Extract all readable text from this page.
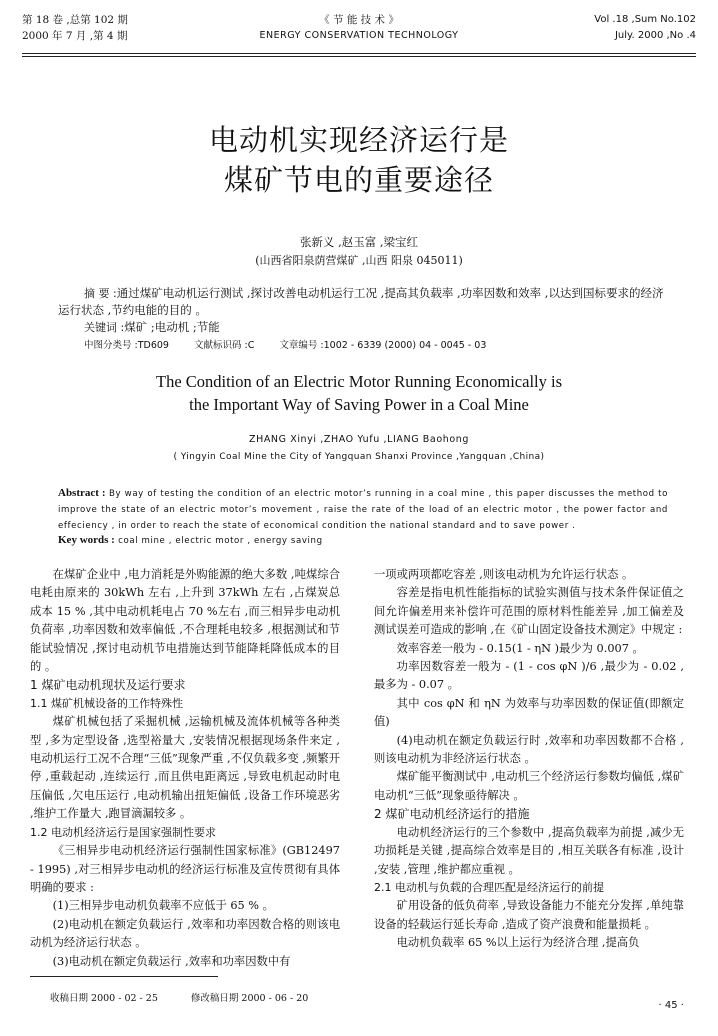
第 18 卷 ,总第 102 期
2000 年 7 月 ,第 4 期
《 节 能 技 术 》
ENERGY CONSERVATION TECHNOLOGY
Vol .18 ,Sum No.102
July. 2000 ,No .4
电动机实现经济运行是
煤矿节电的重要途径
张新义 ,赵玉富 ,梁宝红
(山西省阳泉荫营煤矿 ,山西 阳泉 045011)
摘 要 :通过煤矿电动机运行测试 ,探讨改善电动机运行工况 ,提高其负载率 ,功率因数和效率 ,以达到国标要求的经济运行状态 ,节约电能的目的 。
关键词 :煤矿 ;电动机 ;节能
中图分类号 :TD609	文献标识码 :C	文章编号 :1002 - 6339 (2000) 04 - 0045 - 03
The Condition of an Electric Motor Running Economically is
the Important Way of Saving Power in a Coal Mine
ZHANG Xinyi ,ZHAO Yufu ,LIANG Baohong
( Yingyin Coal Mine the City of Yangquan Shanxi Province ,Yangquan ,China)
Abstract : By way of testing the condition of an electric motor’s running in a coal mine , this paper discusses the method to improve the state of an electric motor’s movement , raise the rate of the load of an electric motor , the power factor and effeciency , in order to reach the state of economical condition the national standard and to save power .
Key words : coal mine , electric motor , energy saving

在煤矿企业中 ,电力消耗是外购能源的绝大多数 ,吨煤综合电耗由原来的 30kWh 左右 ,上升到 37kWh 左右 ,占煤炭总成本 15 % ,其中电动机耗电占 70 %左右 ,而三相异步电动机负荷率 ,功率因数和效率偏低 ,不合理耗电较多 ,根据测试和节能试验情况 ,探讨电动机节电措施达到节能降耗降低成本的目的 。

1 煤矿电动机现状及运行要求

1.1 煤矿机械设备的工作特殊性

煤矿机械包括了采掘机械 ,运输机械及流体机械等各种类型 ,多为定型设备 ,选型裕量大 ,安装情况根据现场条件来定 ,电动机运行工况不合理“三低”现象严重 ,不仅负载多变 ,频繁开停 ,重载起动 ,连续运行 ,而且供电距离远 ,导致电机起动时电压偏低 ,欠电压运行 ,电动机输出扭矩偏低 ,设备工作环境恶劣 ,维护工作量大 ,跑冒滴漏较多 。

1.2 电动机经济运行是国家强制性要求

《三相异步电动机经济运行强制性国家标准》(GB12497 - 1995) ,对三相异步电动机的经济运行标准及宣传贯彻有具体明确的要求 :

(1)三相异步电动机负载率不应低于 65 % 。

(2)电动机在额定负载运行 ,效率和功率因数合格的则该电动机为经济运行状态 。

(3)电动机在额定负载运行 ,效率和功率因数中有

一项或两项都吃容差 ,则该电动机为允许运行状态 。

容差是指电机性能指标的试验实测值与技术条件保证值之间允许偏差用来补偿许可范围的原材料性能差异 ,加工偏差及测试误差可造成的影响 ,在《矿山固定设备技术测定》中规定 :

效率容差一般为 - 0.15(1 - ηN )最少为 0.007 。

功率因数容差一般为 - (1 - cos φN )/6 ,最少为 - 0.02 ,最多为 - 0.07 。

其中 cos φN 和 ηN 为效率与功率因数的保证值(即额定值)

(4)电动机在额定负载运行时 ,效率和功率因数都不合格 ,则该电动机为非经济运行状态 。

煤矿能平衡测试中 ,电动机三个经济运行参数均偏低 ,煤矿电动机“三低”现象亟待解决 。

2 煤矿电动机经济运行的措施

电动机经济运行的三个参数中 ,提高负载率为前提 ,减少无功损耗是关键 ,提高综合效率是目的 ,相互关联各有标准 ,设计 ,安装 ,管理 ,维护都应重视 。

2.1 电动机与负载的合理匹配是经济运行的前提

矿用设备的低负荷率 ,导致设备能力不能充分发挥 ,单纯靠设备的轻载运行延长寿命 ,造成了资产浪费和能量损耗 。

电动机负载率 65 %以上运行为经济合理 ,提高负

收稿日期 2000 - 02 - 25	修改稿日期 2000 - 06 - 20
· 45 ·
